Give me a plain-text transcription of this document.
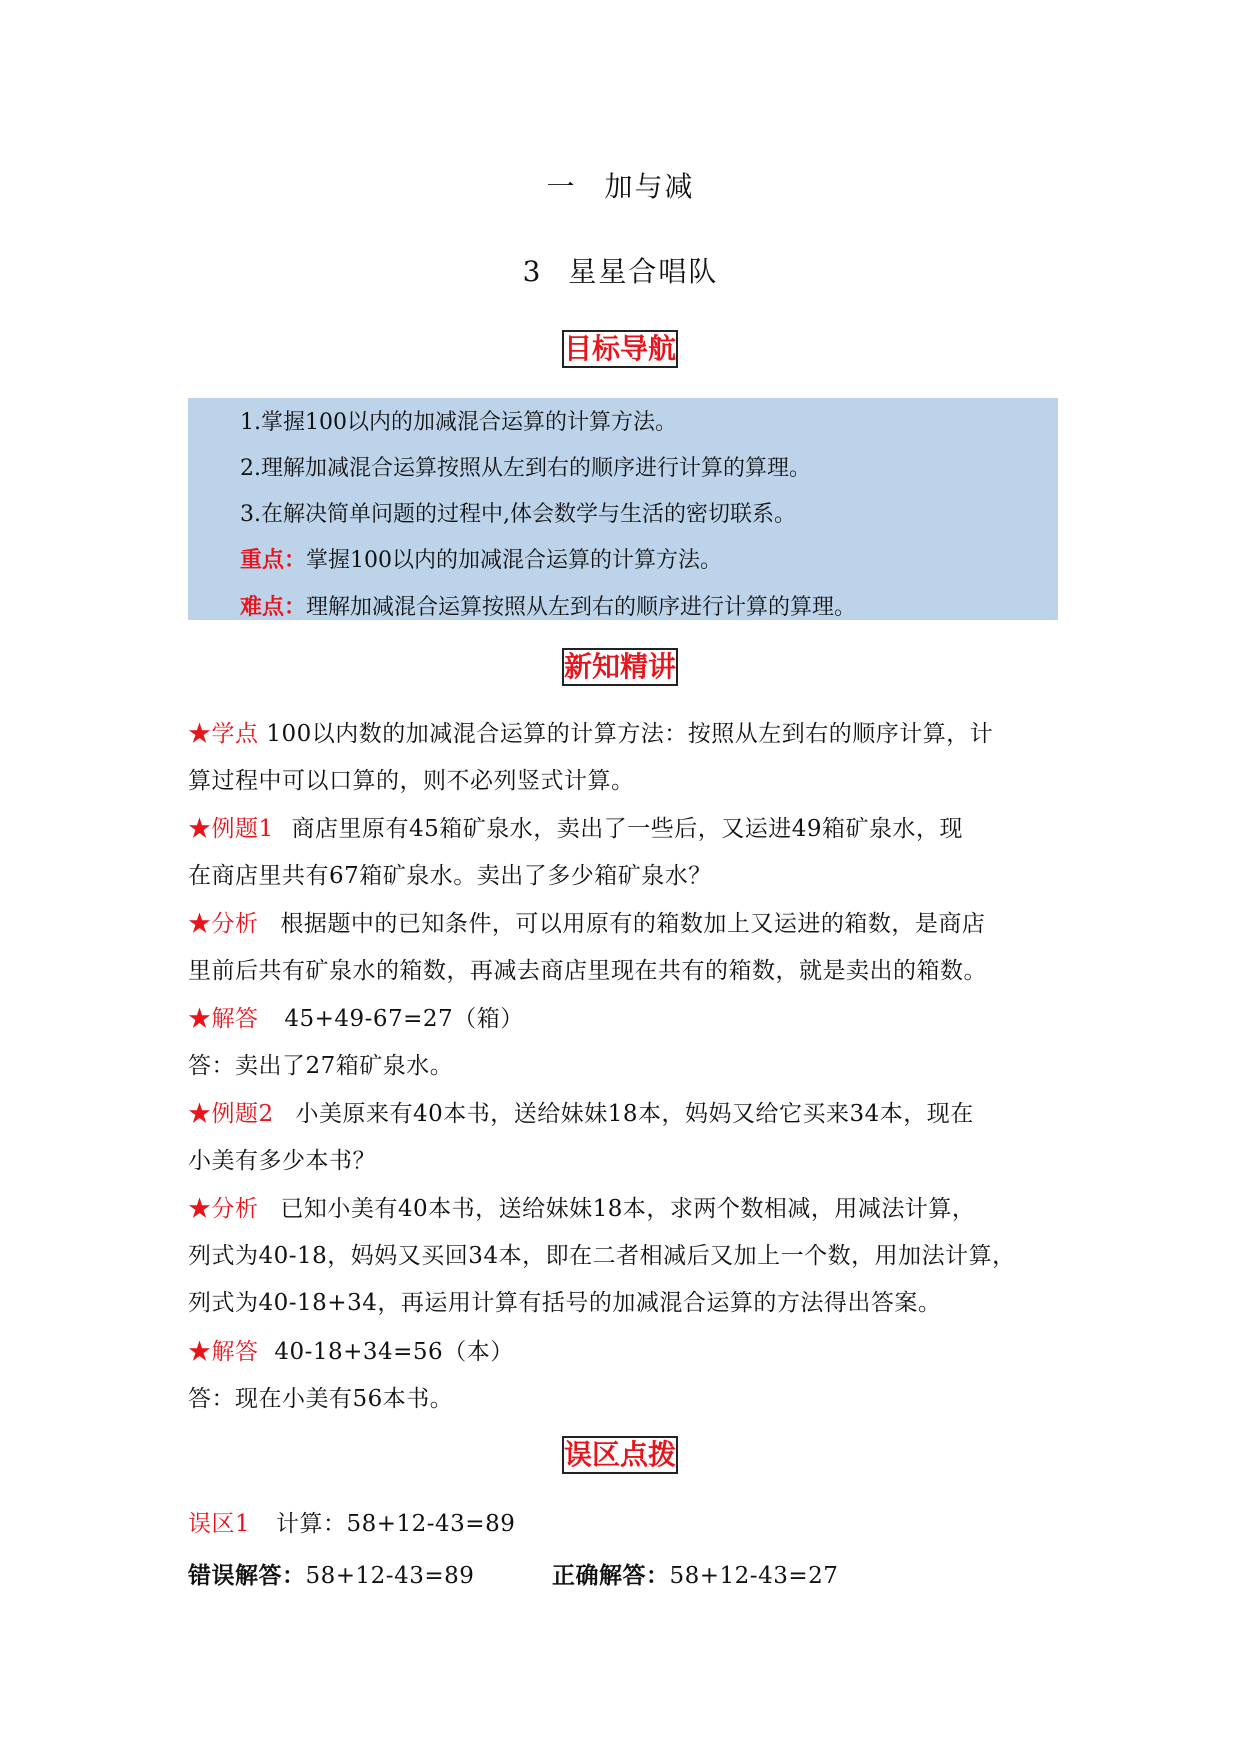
一 加与减
3 星星合唱队
目标导航
1.掌握100以内的加减混合运算的计算方法。
2.理解加减混合运算按照从左到右的顺序进行计算的算理。
3.在解决简单问题的过程中,体会数学与生活的密切联系。
重点：掌握100以内的加减混合运算的计算方法。
难点：理解加减混合运算按照从左到右的顺序进行计算的算理。
新知精讲
★学点 100以内数的加减混合运算的计算方法：按照从左到右的顺序计算，计
算过程中可以口算的，则不必列竖式计算。
★例题1 商店里原有45箱矿泉水，卖出了一些后，又运进49箱矿泉水，现
在商店里共有67箱矿泉水。卖出了多少箱矿泉水？
★分析 根据题中的已知条件，可以用原有的箱数加上又运进的箱数，是商店
里前后共有矿泉水的箱数，再减去商店里现在共有的箱数，就是卖出的箱数。
★解答 45+49-67=27（箱）
答：卖出了27箱矿泉水。
★例题2 小美原来有40本书，送给妹妹18本，妈妈又给它买来34本，现在
小美有多少本书？
★分析 已知小美有40本书，送给妹妹18本，求两个数相减，用减法计算，
列式为40-18，妈妈又买回34本，即在二者相减后又加上一个数，用加法计算，
列式为40-18+34，再运用计算有括号的加减混合运算的方法得出答案。
★解答 40-18+34=56（本）
答：现在小美有56本书。
误区点拨
误区1 计算：58+12-43=89
错误解答：58+12-43=89	正确解答：58+12-43=27
